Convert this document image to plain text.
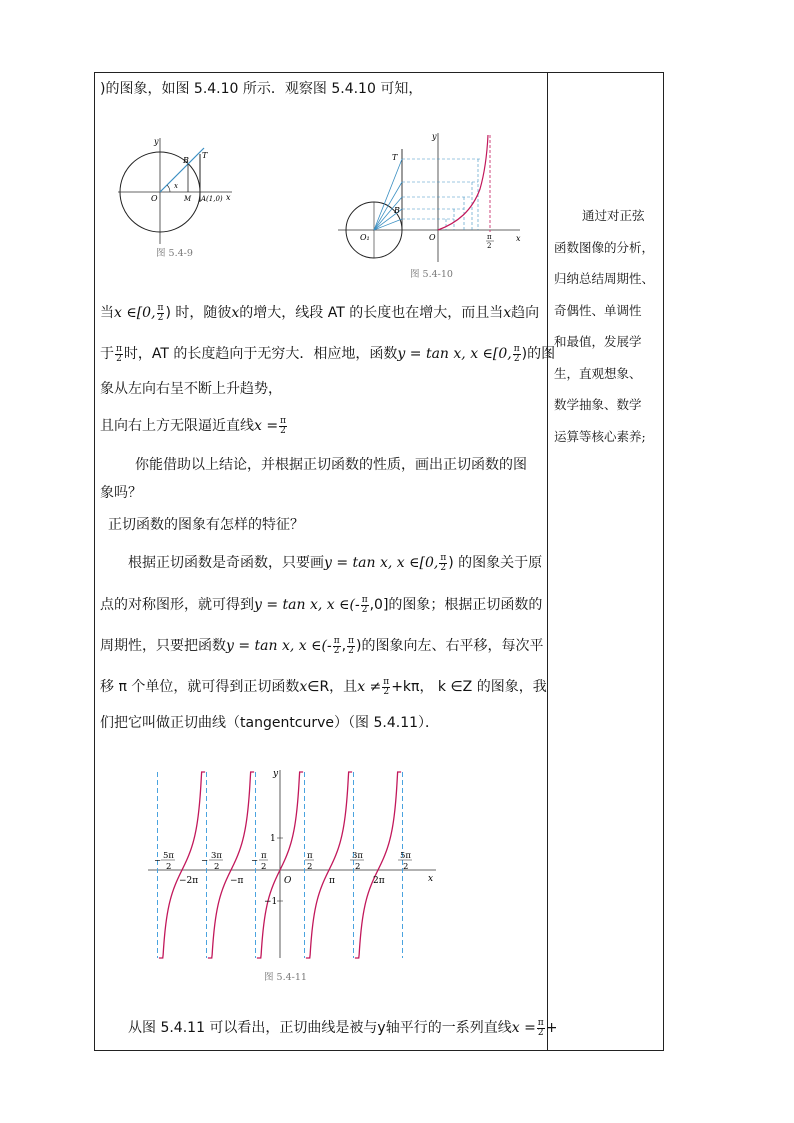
)的图象，如图 5.4.10 所示．观察图 5.4.10 可知，
y
x
O
B
T
M A(1,0)
x
图 5.4-9
y
x
O
O₁
B
T
π
2
图 5.4-10
当x ∈[0, $\frac{\pi}{2}$ ) 时，随彼x的增大，线段 AT 的长度也在增大，而且当x趋向
于 $\frac{\pi}{2}$ 时，AT 的长度趋向于无穷大．相应地，函数y = tan x, x ∈[0, $\frac{\pi}{2}$ )的图
象从左向右呈不断上升趋势，
且向右上方无限逼近直线$x = \frac{\pi}{2}$
你能借助以上结论，并根据正切函数的性质，画出正切函数的图
象吗？
正切函数的图象有怎样的特征？
根据正切函数是奇函数，只要画y = tan x, x ∈[0, $\frac{\pi}{2}$ ) 的图象关于原
点的对称图形，就可得到y = tan x, x ∈(- $\frac{\pi}{2} ,0$]的图象；根据正切函数的
周期性，只要把函数y = tan x, x ∈(- $\frac{\pi}{2}$ , $\frac{\pi}{2}$ )的图象向左、右平移，每次平
移 π 个单位，就可得到正切函数x∈R，且$x \ne \frac{\pi}{2} +k\pi$， k ∈Z 的图象，我
们把它叫做正切曲线（tangentcurve）（图 5.4.11）．
y
x
O
1
−1
−2π	−π	π	2π
− 5π
2
− 3π
2
− π
2
π
2
3π
2
5π
2
图 5.4-11
从图 5.4.11 可以看出，正切曲线是被与y轴平行的一系列直线$x = \frac{\pi}{2}$ +
通过对正弦
函数图像的分析，
归纳总结周期性、
奇偶性、单调性
和最值，发展学
生，直观想象、
数学抽象、数学
运算等核心素养;
